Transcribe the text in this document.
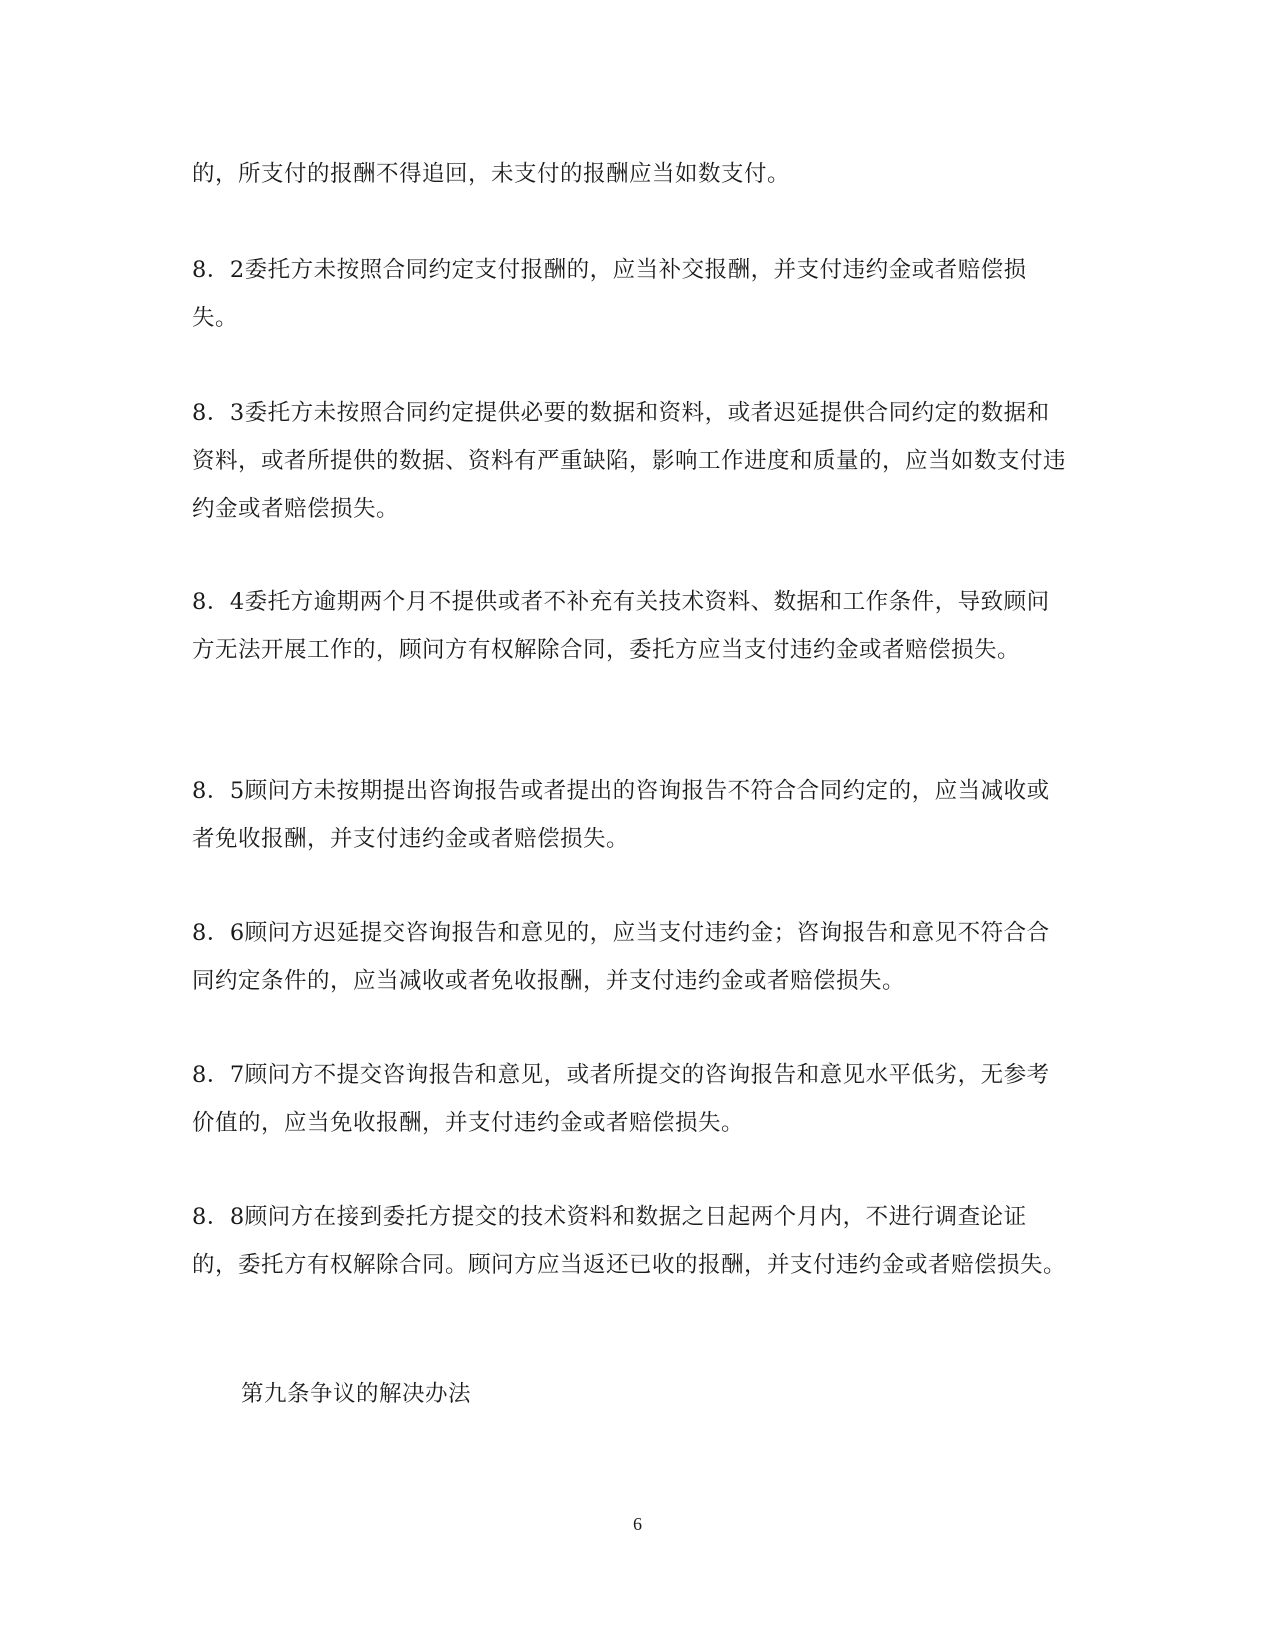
的，所支付的报酬不得追回，未支付的报酬应当如数支付。

8．2委托方未按照合同约定支付报酬的，应当补交报酬，并支付违约金或者赔偿损失。

8．3委托方未按照合同约定提供必要的数据和资料，或者迟延提供合同约定的数据和资料，或者所提供的数据、资料有严重缺陷，影响工作进度和质量的，应当如数支付违约金或者赔偿损失。

8．4委托方逾期两个月不提供或者不补充有关技术资料、数据和工作条件，导致顾问方无法开展工作的，顾问方有权解除合同，委托方应当支付违约金或者赔偿损失。

8．5顾问方未按期提出咨询报告或者提出的咨询报告不符合合同约定的，应当减收或者免收报酬，并支付违约金或者赔偿损失。

8．6顾问方迟延提交咨询报告和意见的，应当支付违约金；咨询报告和意见不符合合同约定条件的，应当减收或者免收报酬，并支付违约金或者赔偿损失。

8．7顾问方不提交咨询报告和意见，或者所提交的咨询报告和意见水平低劣，无参考价值的，应当免收报酬，并支付违约金或者赔偿损失。

8．8顾问方在接到委托方提交的技术资料和数据之日起两个月内，不进行调查论证的，委托方有权解除合同。顾问方应当返还已收的报酬，并支付违约金或者赔偿损失。

第九条争议的解决办法

6
